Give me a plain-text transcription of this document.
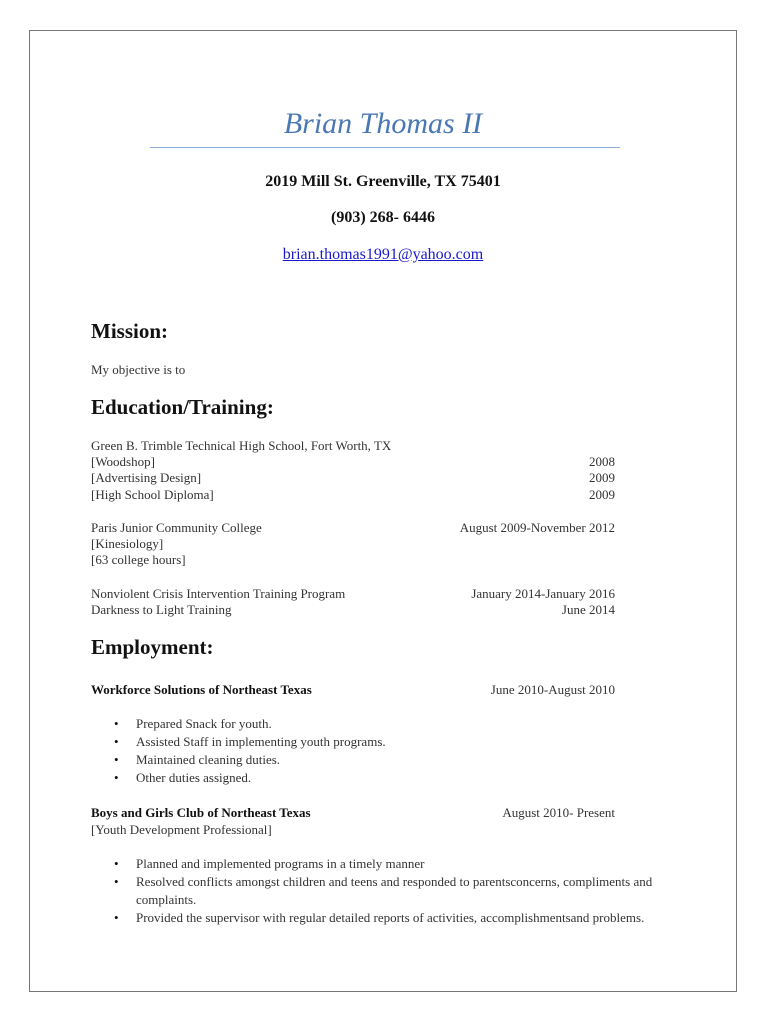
Brian Thomas II
2019 Mill St. Greenville, TX 75401
(903) 268- 6446
brian.thomas1991@yahoo.com
Mission:
My objective is to
Education/Training:
Green B. Trimble Technical High School, Fort Worth, TX
[Woodshop]	2008
[Advertising Design]	2009
[High School Diploma]	2009
Paris Junior Community College	August 2009-November 2012
[Kinesiology]
[63 college hours]
Nonviolent Crisis Intervention Training Program	January 2014-January 2016
Darkness to Light Training	June 2014
Employment:
Workforce Solutions of Northeast Texas	June 2010-August 2010
• Prepared Snack for youth.
• Assisted Staff in implementing youth programs.
• Maintained cleaning duties.
• Other duties assigned.
Boys and Girls Club of Northeast Texas	August 2010- Present
[Youth Development Professional]
• Planned and implemented programs in a timely manner
• Resolved conflicts amongst children and teens and responded to parentsconcerns, compliments and complaints.
• Provided the supervisor with regular detailed reports of activities, accomplishmentsand problems.
